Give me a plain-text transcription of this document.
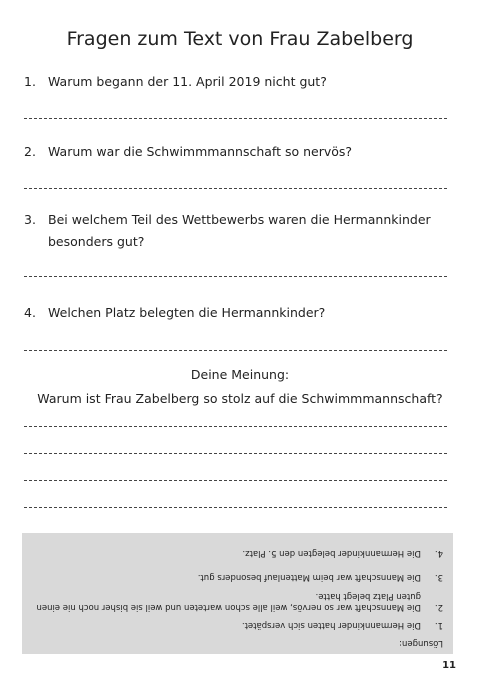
Fragen zum Text von Frau Zabelberg
1. Warum begann der 11. April 2019 nicht gut?
2. Warum war die Schwimmmannschaft so nervös?
3. Bei welchem Teil des Wettbewerbs waren die Hermannkinder besonders gut?
4. Welchen Platz belegten die Hermannkinder?
Deine Meinung:
Warum ist Frau Zabelberg so stolz auf die Schwimmmannschaft?
Lösungen:
1.
Die Hermannkinder hatten sich verspätet.
2.
Die Mannschaft war so nervös, weil alle schon warteten und weil sie bisher noch nie einen guten Platz belegt hatte.
3.
Die Mannschaft war beim Mattenlauf besonders gut.
4.
Die Hermannkinder belegten den 5. Platz.
11
